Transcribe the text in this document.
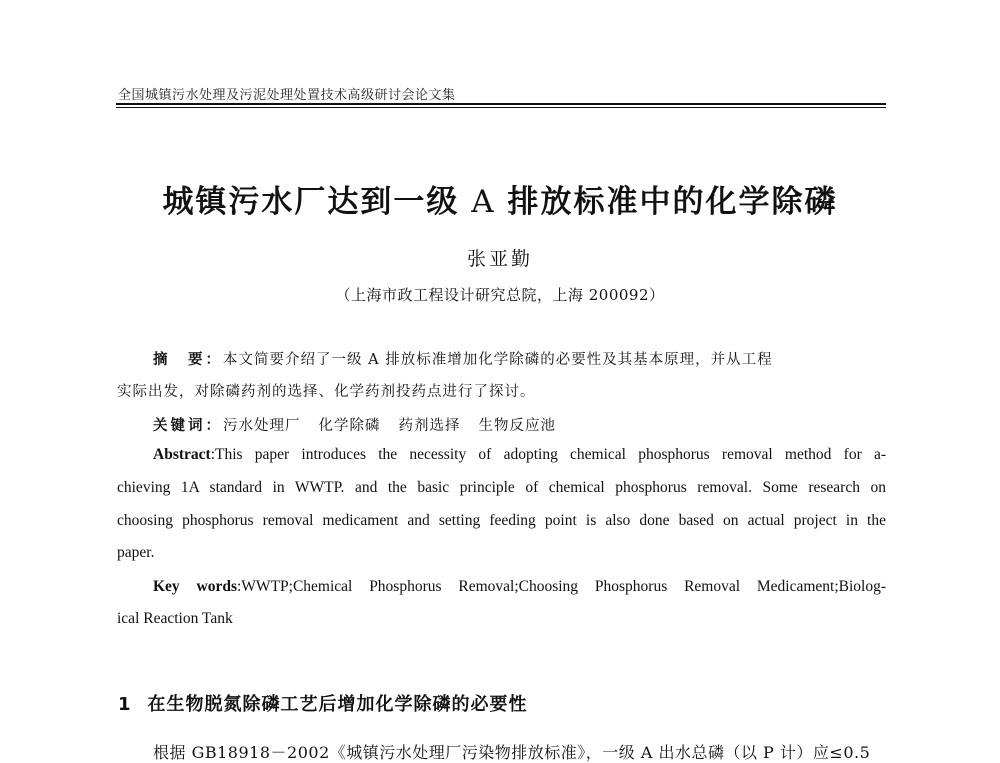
全国城镇污水处理及污泥处理处置技术高级研讨会论文集
城镇污水厂达到一级 A 排放标准中的化学除磷
张亚勤
（上海市政工程设计研究总院，上海 200092）
摘　要：本文简要介绍了一级 A 排放标准增加化学除磷的必要性及其基本原理，并从工程
实际出发，对除磷药剂的选择、化学药剂投药点进行了探讨。
关键词：污水处理厂 化学除磷 药剂选择 生物反应池
Abstract:This paper introduces the necessity of adopting chemical phosphorus removal method for a-
chieving 1A standard in WWTP. and the basic principle of chemical phosphorus removal. Some research on
choosing phosphorus removal medicament and setting feeding point is also done based on actual project in the
paper.
Key words:WWTP;Chemical Phosphorus Removal;Choosing Phosphorus Removal Medicament;Biolog-
ical Reaction Tank
1 在生物脱氮除磷工艺后增加化学除磷的必要性
根据 GB18918－2002《城镇污水处理厂污染物排放标准》，一级 A 出水总磷（以 P 计）应≤0.5
